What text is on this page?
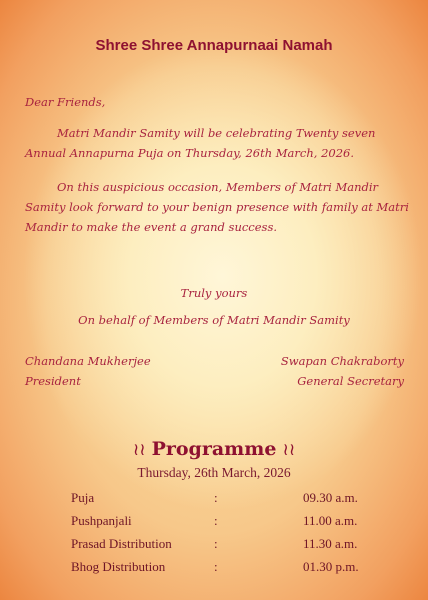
Shree Shree Annapurnaai Namah
Dear Friends,

Matri Mandir Samity will be celebrating Twenty seven Annual Annapurna Puja on Thursday, 26th March, 2026.

On this auspicious occasion, Members of Matri Mandir Samity look forward to your benign presence with family at Matri Mandir to make the event a grand success.

Truly yours
On behalf of Members of Matri Mandir Samity
Chandana Mukherjee
President
Swapan Chakraborty
General Secretary
≀≀ Programme ≀≀
Thursday, 26th March, 2026
Puja	:	09.30 a.m.
Pushpanjali	:	11.00 a.m.
Prasad Distribution	:	11.30 a.m.
Bhog Distribution	:	01.30 p.m.
